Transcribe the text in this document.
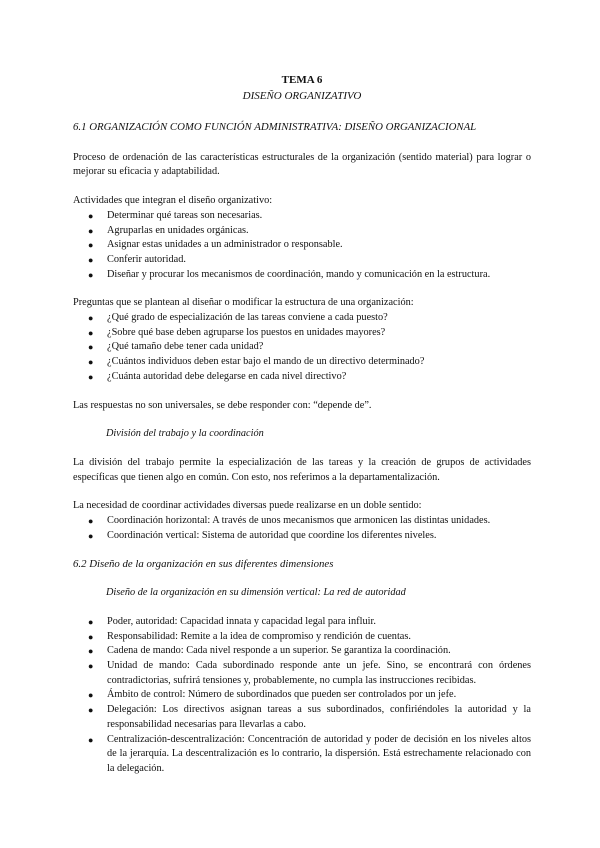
TEMA 6
DISEÑO ORGANIZATIVO
6.1 ORGANIZACIÓN COMO FUNCIÓN ADMINISTRATIVA: DISEÑO ORGANIZACIONAL

Proceso de ordenación de las características estructurales de la organización (sentido material) para lograr o mejorar su eficacia y adaptabilidad.

Actividades que integran el diseño organizativo:

● Determinar qué tareas son necesarias.
● Agruparlas en unidades orgánicas.
● Asignar estas unidades a un administrador o responsable.
● Conferir autoridad.
● Diseñar y procurar los mecanismos de coordinación, mando y comunicación en la estructura.

Preguntas que se plantean al diseñar o modificar la estructura de una organización:

● ¿Qué grado de especialización de las tareas conviene a cada puesto?
● ¿Sobre qué base deben agruparse los puestos en unidades mayores?
● ¿Qué tamaño debe tener cada unidad?
● ¿Cuántos individuos deben estar bajo el mando de un directivo determinado?
● ¿Cuánta autoridad debe delegarse en cada nivel directivo?

Las respuestas no son universales, se debe responder con: “depende de”.

División del trabajo y la coordinación

La división del trabajo permite la especialización de las tareas y la creación de grupos de actividades específicas que tienen algo en común. Con esto, nos referimos a la departamentalización.

La necesidad de coordinar actividades diversas puede realizarse en un doble sentido:

● Coordinación horizontal: A través de unos mecanismos que armonicen las distintas unidades.
● Coordinación vertical: Sistema de autoridad que coordine los diferentes niveles.
6.2 Diseño de la organización en sus diferentes dimensiones
Diseño de la organización en su dimensión vertical: La red de autoridad
● Poder, autoridad: Capacidad innata y capacidad legal para influir.
● Responsabilidad: Remite a la idea de compromiso y rendición de cuentas.
● Cadena de mando: Cada nivel responde a un superior. Se garantiza la coordinación.
● Unidad de mando: Cada subordinado responde ante un jefe. Sino, se encontrará con órdenes contradictorias, sufrirá tensiones y, probablemente, no cumpla las instrucciones recibidas.
● Ámbito de control: Número de subordinados que pueden ser controlados por un jefe.
● Delegación: Los directivos asignan tareas a sus subordinados, confiriéndoles la autoridad y la responsabilidad necesarias para llevarlas a cabo.
● Centralización-descentralización: Concentración de autoridad y poder de decisión en los niveles altos de la jerarquía. La descentralización es lo contrario, la dispersión. Está estrechamente relacionado con la delegación.
